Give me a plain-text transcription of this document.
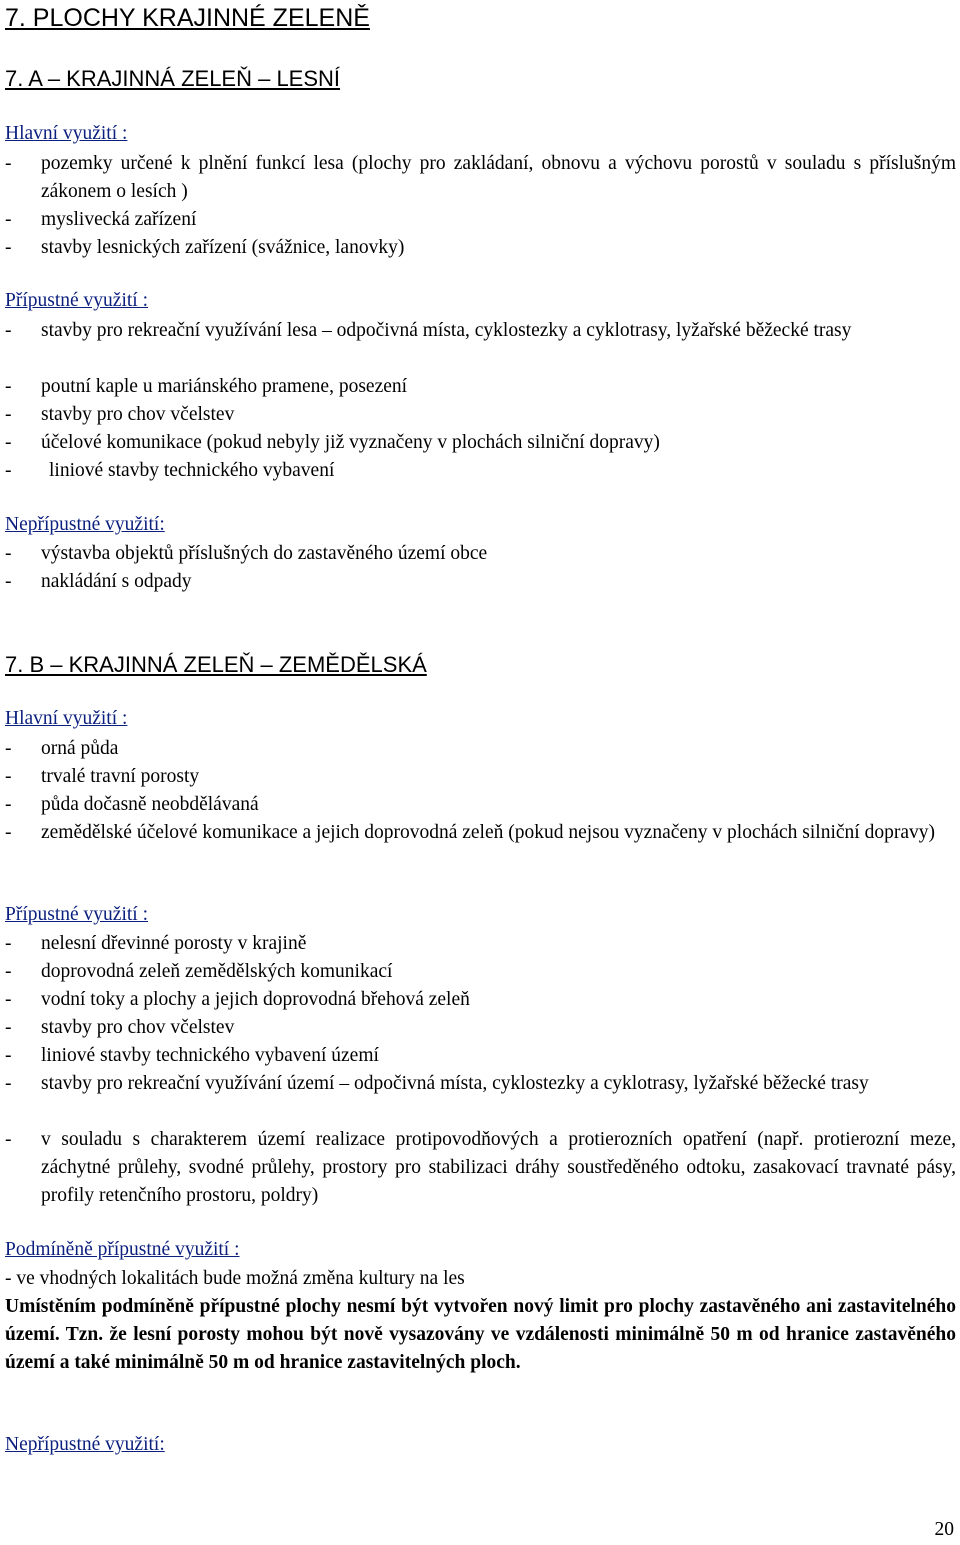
7. PLOCHY KRAJINNÉ ZELENĚ
7. A – KRAJINNÁ ZELEŇ – LESNÍ
Hlavní využití :
- pozemky určené k plnění funkcí lesa (plochy pro zakládaní, obnovu a výchovu porostů v souladu s příslušným zákonem o lesích )
- myslivecká zařízení
- stavby lesnických zařízení (svážnice, lanovky)
Přípustné využití :
- stavby pro rekreační využívání lesa – odpočivná místa, cyklostezky a cyklotrasy, lyžařské běžecké trasy
- poutní kaple u mariánského pramene, posezení
- stavby pro chov včelstev
- účelové komunikace (pokud nebyly již vyznačeny v plochách silniční dopravy)
- liniové stavby technického vybavení
Nepřípustné využití:
- výstavba objektů příslušných do zastavěného území obce
- nakládání s odpady
7. B – KRAJINNÁ ZELEŇ – ZEMĚDĚLSKÁ
Hlavní využití :
- orná půda
- trvalé travní porosty
- půda dočasně neobdělávaná
- zemědělské účelové komunikace a jejich doprovodná zeleň (pokud nejsou vyznačeny v plochách silniční dopravy)
Přípustné využití :
- nelesní dřevinné porosty v krajině
- doprovodná zeleň zemědělských komunikací
- vodní toky a plochy a jejich doprovodná břehová zeleň
- stavby pro chov včelstev
- liniové stavby technického vybavení území
- stavby pro rekreační využívání území – odpočivná místa, cyklostezky a cyklotrasy, lyžařské běžecké trasy
- v souladu s charakterem území realizace protipovodňových a protierozních opatření (např. protierozní meze, záchytné průlehy, svodné průlehy, prostory pro stabilizaci dráhy soustředěného odtoku, zasakovací travnaté pásy, profily retenčního prostoru, poldry)
Podmíněně přípustné využití :
- ve vhodných lokalitách bude možná změna kultury na les
Umístěním podmíněně přípustné plochy nesmí být vytvořen nový limit pro plochy zastavěného ani zastavitelného území. Tzn. že lesní porosty mohou být nově vysazovány ve vzdálenosti minimálně 50 m od hranice zastavěného území a také minimálně 50 m od hranice zastavitelných ploch.
Nepřípustné využití:
20
